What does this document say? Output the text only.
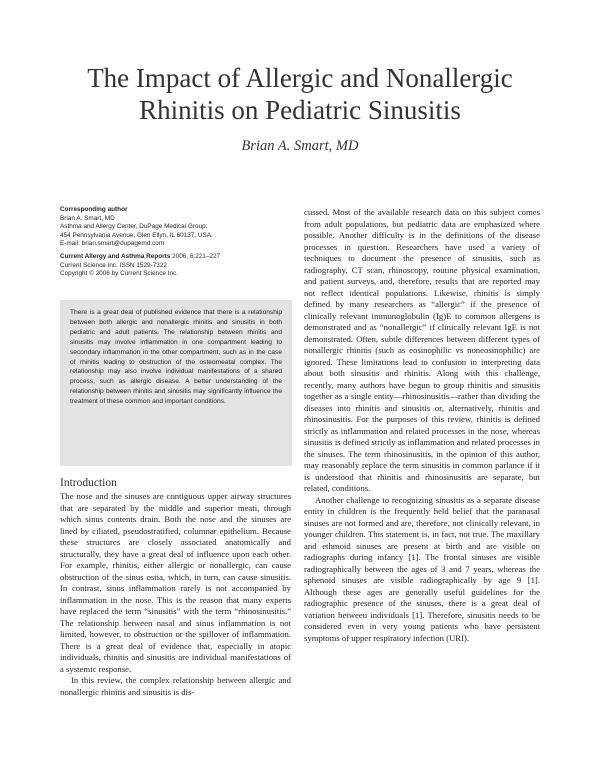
The Impact of Allergic and Nonallergic
Rhinitis on Pediatric Sinusitis
Brian A. Smart, MD
Corresponding author
Brian A. Smart, MD
Asthma and Allergy Center, DuPage Medical Group,
454 Pennsylvania Avenue, Glen Ellyn, IL 60137, USA.
E-mail: brian.smart@dupagemd.com
Current Allergy and Asthma Reports 2006, 6:221–227
Current Science Inc. ISSN 1529-7322
Copyright © 2006 by Current Science Inc.
There is a great deal of published evidence that there is a relationship between both allergic and nonallergic rhinitis and sinusitis in both pediatric and adult patients. The relationship between rhinitis and sinusitis may involve inflammation in one compartment leading to secondary inflammation in the other compartment, such as in the case of rhinitis leading to obstruction of the osteomeatal complex. The relationship may also involve individual manifestations of a shared process, such as allergic disease. A better understanding of the relationship between rhinitis and sinusitis may significantly influence the treatment of these common and important conditions.
Introduction

The nose and the sinuses are contiguous upper airway structures that are separated by the middle and superior meati, through which sinus contents drain. Both the nose and the sinuses are lined by ciliated, pseudostratified, columnar epithelium. Because these structures are closely associated anatomically and structurally, they have a great deal of influence upon each other. For example, rhinitis, either allergic or nonallergic, can cause obstruction of the sinus ostia, which, in turn, can cause sinusitis. In contrast, sinus inflammation rarely is not accompanied by inflammation in the nose. This is the reason that many experts have replaced the term “sinusitis” with the term “rhinosinusitis.” The relationship between nasal and sinus inflammation is not limited, however, to obstruction or the spillover of inflammation. There is a great deal of evidence that, especially in atopic individuals, rhinitis and sinusitis are individual manifestations of a systemic response.

In this review, the complex relationship between allergic and nonallergic rhinitis and sinusitis is dis-

cussed. Most of the available research data on this subject comes from adult populations, but pediatric data are emphasized where possible. Another difficulty is in the definitions of the disease processes in question. Researchers have used a variety of techniques to document the presence of sinusitis, such as radiography, CT scan, rhinoscopy, routine physical examination, and patient surveys, and, therefore, results that are reported may not reflect identical populations. Likewise, rhinitis is simply defined by many researchers as “allergic” if the presence of clinically relevant immunoglobulin (Ig)E to common allergens is demonstrated and as “nonallergic” if clinically relevant IgE is not demonstrated. Often, subtle differences between different types of nonallergic rhinitis (such as eosinophilic vs noneosinophilic) are ignored. These limitations lead to confusion in interpreting data about both sinusitis and rhinitis. Along with this challenge, recently, many authors have begun to group rhinitis and sinusitis together as a single entity—rhinosinusitis—rather than dividing the diseases into rhinitis and sinusitis or, alternatively, rhinitis and rhinosinusitis. For the purposes of this review, rhinitis is defined strictly as inflammation and related processes in the nose, whereas sinusitis is defined strictly as inflammation and related processes in the sinuses. The term rhinosinusitis, in the opinion of this author, may reasonably replace the term sinusitis in common parlance if it is understood that rhinitis and rhinosinusitis are separate, but related, conditions.

Another challenge to recognizing sinusitis as a separate disease entity in children is the frequently held belief that the paranasal sinuses are not formed and are, therefore, not clinically relevant, in younger children. This statement is, in fact, not true. The maxillary and ethmoid sinuses are present at birth and are visible on radiographs during infancy [1]. The frontal sinuses are visible radiographically between the ages of 3 and 7 years, whereas the sphenoid sinuses are visible radiographically by age 9 [1]. Although these ages are generally useful guidelines for the radiographic presence of the sinuses, there is a great deal of variation between individuals [1]. Therefore, sinusitis needs to be considered even in very young patients who have persistent symptoms of upper respiratory infection (URI).
